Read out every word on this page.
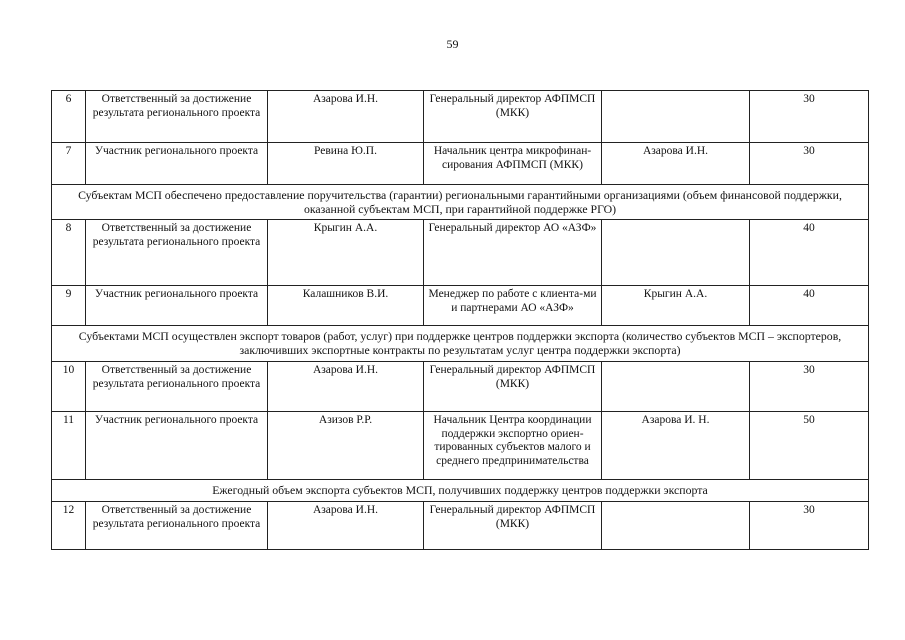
59
6	Ответственный за достижение результата регионального проекта	Азарова И.Н.	Генеральный директор АФПМСП (МКК)		30
7	Участник регионального проекта	Ревина Ю.П.	Начальник центра микрофинан-сирования АФПМСП (МКК)	Азарова И.Н.	30
Субъектам МСП обеспечено предоставление поручительства (гарантии) региональными гарантийными организациями (объем финансовой поддержки, оказанной субъектам МСП, при гарантийной поддержке РГО)					
8	Ответственный за достижение результата регионального проекта	Крыгин А.А.	Генеральный директор АО «АЗФ»		40
9	Участник регионального проекта	Калашников В.И.	Менеджер по работе с клиента-ми и партнерами АО «АЗФ»	Крыгин А.А.	40
Субъектами МСП осуществлен экспорт товаров (работ, услуг) при поддержке центров поддержки экспорта (количество субъектов МСП – экспортеров, заключивших экспортные контракты по результатам услуг центра поддержки экспорта)					
10	Ответственный за достижение результата регионального проекта	Азарова И.Н.	Генеральный директор АФПМСП (МКК)		30
11	Участник регионального проекта	Азизов Р.Р.	Начальник Центра координации поддержки экспортно ориен-тированных субъектов малого и среднего предпринимательства	Азарова И. Н.	50
Ежегодный объем экспорта субъектов МСП, получивших поддержку центров поддержки экспорта					
12	Ответственный за достижение результата регионального проекта	Азарова И.Н.	Генеральный директор АФПМСП (МКК)		30
